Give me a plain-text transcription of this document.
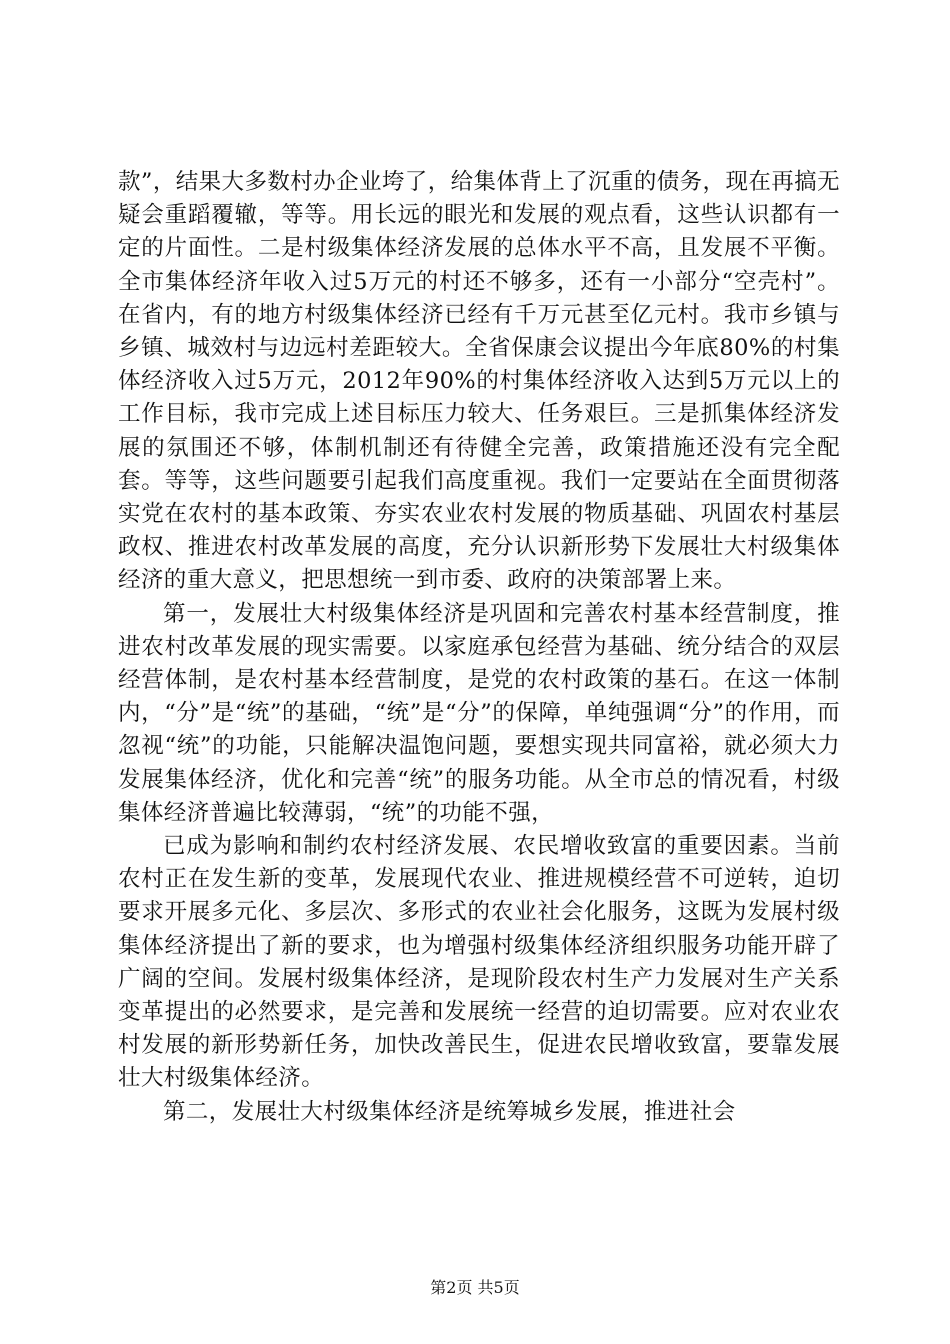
款”，结果大多数村办企业垮了，给集体背上了沉重的债务，现在再搞无疑会重蹈覆辙，等等。用长远的眼光和发展的观点看，这些认识都有一定的片面性。二是村级集体经济发展的总体水平不高，且发展不平衡。全市集体经济年收入过5万元的村还不够多，还有一小部分“空壳村”。在省内，有的地方村级集体经济已经有千万元甚至亿元村。我市乡镇与乡镇、城效村与边远村差距较大。全省保康会议提出今年底80%的村集体经济收入过5万元，2012年90%的村集体经济收入达到5万元以上的工作目标，我市完成上述目标压力较大、任务艰巨。三是抓集体经济发展的氛围还不够，体制机制还有待健全完善，政策措施还没有完全配套。等等，这些问题要引起我们高度重视。我们一定要站在全面贯彻落实党在农村的基本政策、夯实农业农村发展的物质基础、巩固农村基层政权、推进农村改革发展的高度，充分认识新形势下发展壮大村级集体经济的重大意义，把思想统一到市委、政府的决策部署上来。

第一，发展壮大村级集体经济是巩固和完善农村基本经营制度，推进农村改革发展的现实需要。以家庭承包经营为基础、统分结合的双层经营体制，是农村基本经营制度，是党的农村政策的基石。在这一体制内，“分”是“统”的基础，“统”是“分”的保障，单纯强调“分”的作用，而忽视“统”的功能，只能解决温饱问题，要想实现共同富裕，就必须大力发展集体经济，优化和完善“统”的服务功能。从全市总的情况看，村级集体经济普遍比较薄弱，“统”的功能不强，

已成为影响和制约农村经济发展、农民增收致富的重要因素。当前农村正在发生新的变革，发展现代农业、推进规模经营不可逆转，迫切要求开展多元化、多层次、多形式的农业社会化服务，这既为发展村级集体经济提出了新的要求，也为增强村级集体经济组织服务功能开辟了广阔的空间。发展村级集体经济，是现阶段农村生产力发展对生产关系变革提出的必然要求，是完善和发展统一经营的迫切需要。应对农业农村发展的新形势新任务，加快改善民生，促进农民增收致富，要靠发展壮大村级集体经济。

第二，发展壮大村级集体经济是统筹城乡发展，推进社会

第2页 共5页
